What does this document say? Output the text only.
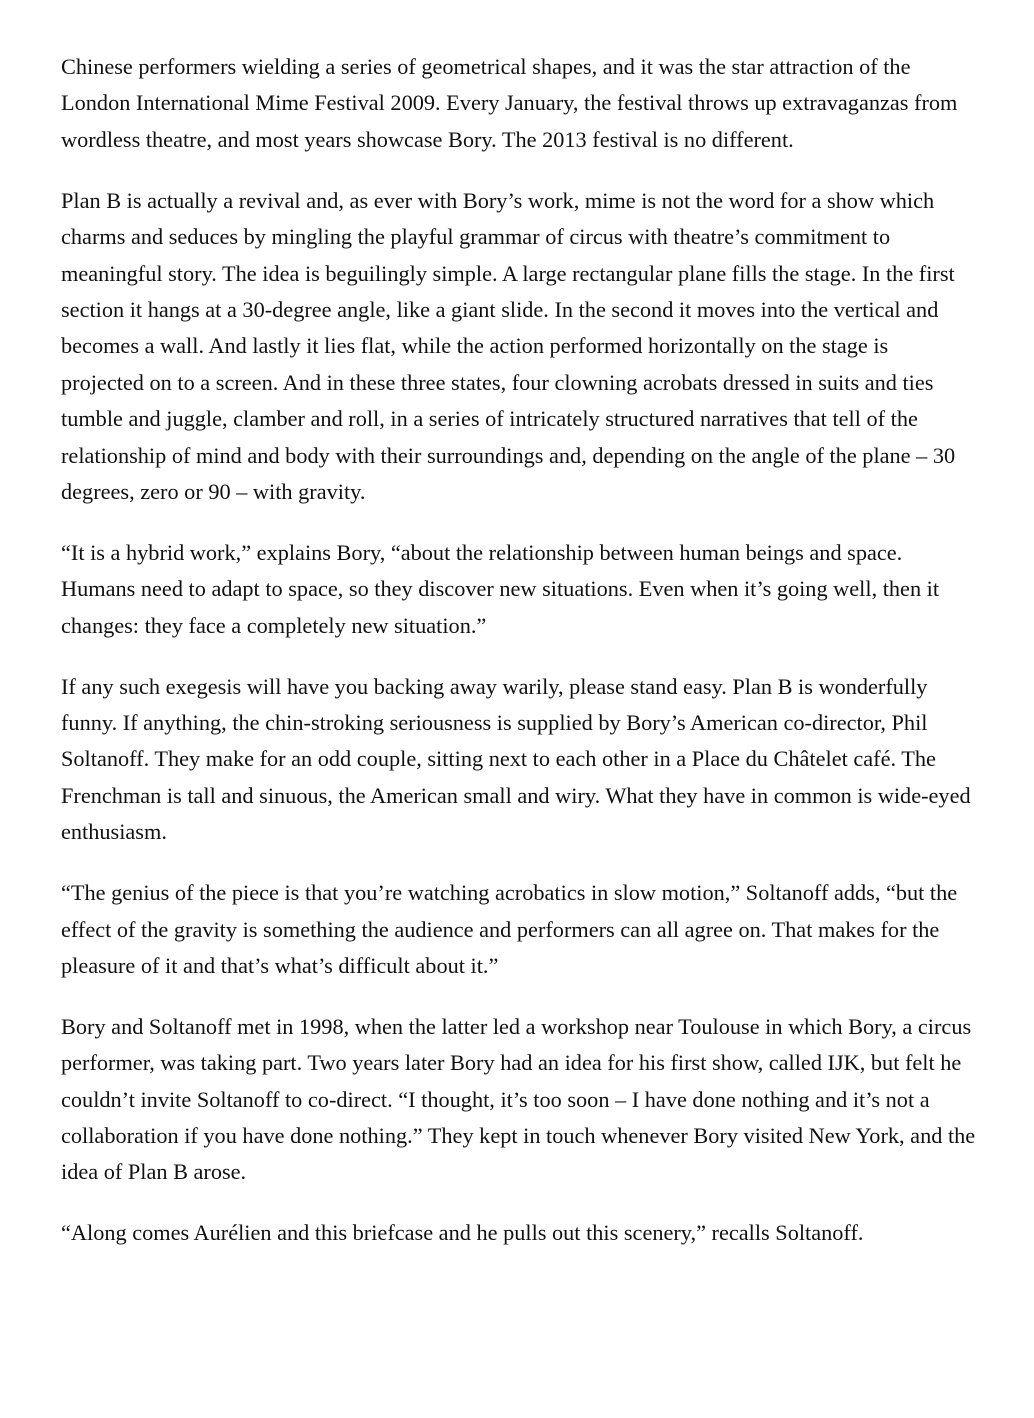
Chinese performers wielding a series of geometrical shapes, and it was the star attraction of the London International Mime Festival 2009. Every January, the festival throws up extravaganzas from wordless theatre, and most years showcase Bory. The 2013 festival is no different.

Plan B is actually a revival and, as ever with Bory’s work, mime is not the word for a show which charms and seduces by mingling the playful grammar of circus with theatre’s commitment to meaningful story. The idea is beguilingly simple. A large rectangular plane fills the stage. In the first section it hangs at a 30-degree angle, like a giant slide. In the second it moves into the vertical and becomes a wall. And lastly it lies flat, while the action performed horizontally on the stage is projected on to a screen. And in these three states, four clowning acrobats dressed in suits and ties tumble and juggle, clamber and roll, in a series of intricately structured narratives that tell of the relationship of mind and body with their surroundings and, depending on the angle of the plane – 30 degrees, zero or 90 – with gravity.

“It is a hybrid work,” explains Bory, “about the relationship between human beings and space. Humans need to adapt to space, so they discover new situations. Even when it’s going well, then it changes: they face a completely new situation.”

If any such exegesis will have you backing away warily, please stand easy. Plan B is wonderfully funny. If anything, the chin-stroking seriousness is supplied by Bory’s American co-director, Phil Soltanoff. They make for an odd couple, sitting next to each other in a Place du Châtelet café. The Frenchman is tall and sinuous, the American small and wiry. What they have in common is wide-eyed enthusiasm.

“The genius of the piece is that you’re watching acrobatics in slow motion,” Soltanoff adds, “but the effect of the gravity is something the audience and performers can all agree on. That makes for the pleasure of it and that’s what’s difficult about it.”

Bory and Soltanoff met in 1998, when the latter led a workshop near Toulouse in which Bory, a circus performer, was taking part. Two years later Bory had an idea for his first show, called IJK, but felt he couldn’t invite Soltanoff to co-direct. “I thought, it’s too soon – I have done nothing and it’s not a collaboration if you have done nothing.” They kept in touch whenever Bory visited New York, and the idea of Plan B arose.

“Along comes Aurélien and this briefcase and he pulls out this scenery,” recalls Soltanoff.
